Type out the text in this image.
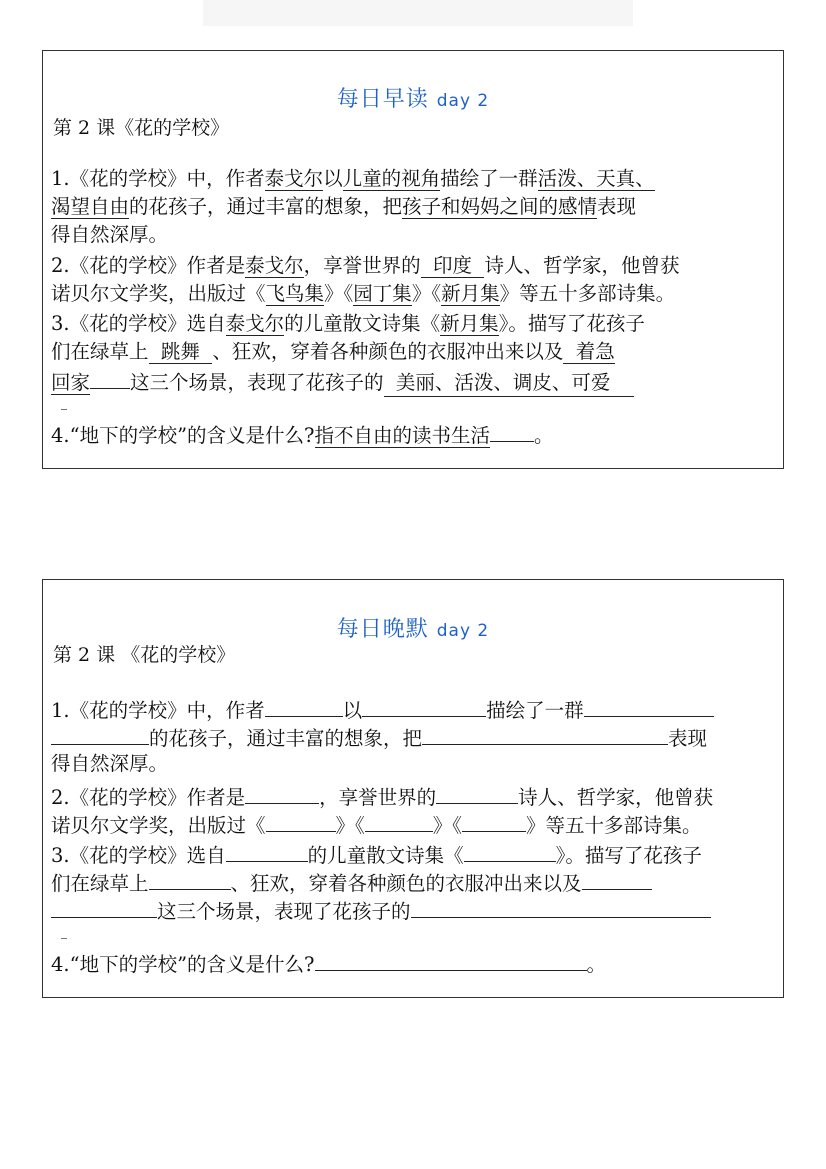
每日早读 day 2
第 2 课《花的学校》
1.《花的学校》中，作者泰戈尔以儿童的视角描绘了一群活泼、天真、
渴望自由的花孩子，通过丰富的想象，把孩子和妈妈之间的感情表现
得自然深厚。
2.《花的学校》作者是泰戈尔，享誉世界的  印度  诗人、哲学家，他曾获
诺贝尔文学奖，出版过《飞鸟集》《园丁集》《新月集》等五十多部诗集。
3.《花的学校》选自泰戈尔的儿童散文诗集《新月集》。描写了花孩子
们在绿草上  跳舞  、狂欢，穿着各种颜色的衣服冲出来以及  着急
回家 这三个场景，表现了花孩子的  美丽、活泼、调皮、可爱
4.“地下的学校”的含义是什么?指不自由的读书生活 。
每日晚默 day 2
第 2 课 《花的学校》
1.《花的学校》中，作者	以	描绘了一群
的花孩子，通过丰富的想象，把	表现
得自然深厚。
2.《花的学校》作者是	，享誉世界的	诗人、哲学家，他曾获
诺贝尔文学奖，出版过《	》《	》《	》等五十多部诗集。
3.《花的学校》选自	的儿童散文诗集《	》。描写了花孩子
们在绿草上	、狂欢，穿着各种颜色的衣服冲出来以及
这三个场景，表现了花孩子的
4.“地下的学校”的含义是什么?	。
